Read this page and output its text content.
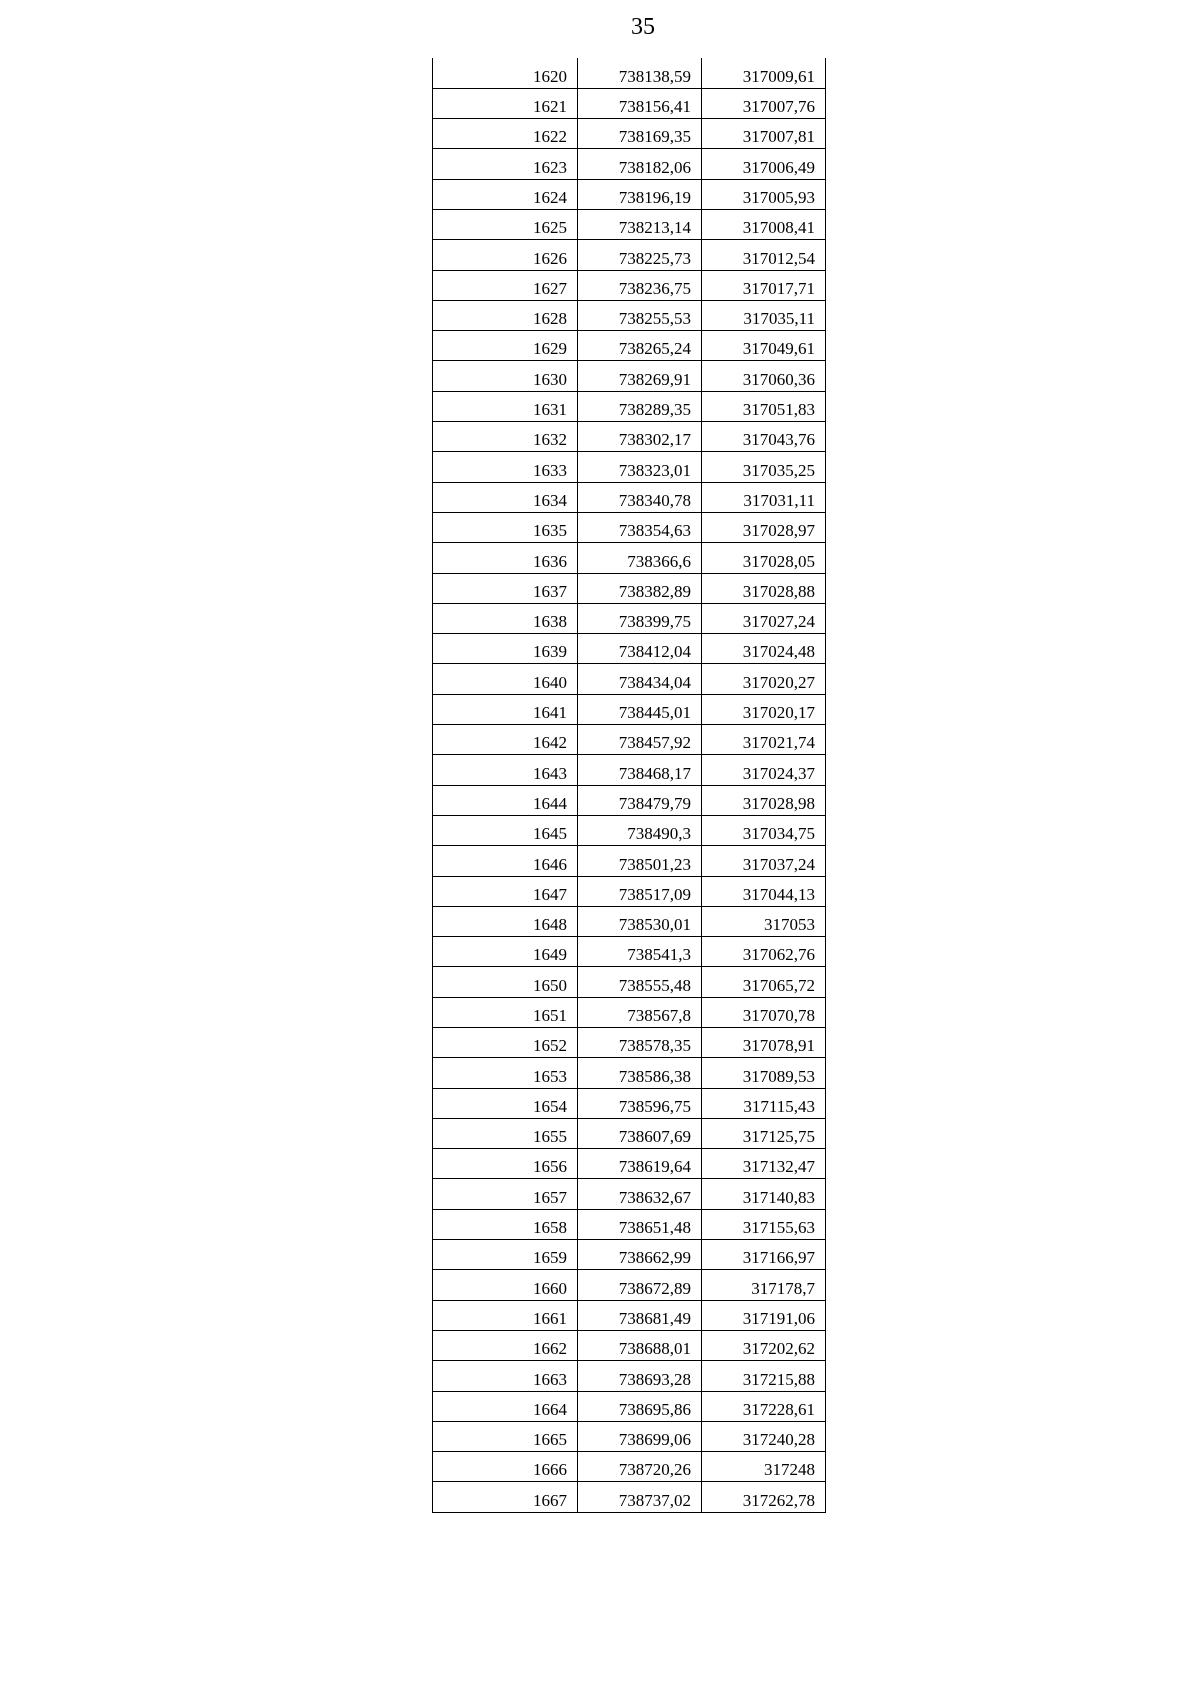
35
1620	738138,59	317009,61
1621	738156,41	317007,76
1622	738169,35	317007,81
1623	738182,06	317006,49
1624	738196,19	317005,93
1625	738213,14	317008,41
1626	738225,73	317012,54
1627	738236,75	317017,71
1628	738255,53	317035,11
1629	738265,24	317049,61
1630	738269,91	317060,36
1631	738289,35	317051,83
1632	738302,17	317043,76
1633	738323,01	317035,25
1634	738340,78	317031,11
1635	738354,63	317028,97
1636	738366,6	317028,05
1637	738382,89	317028,88
1638	738399,75	317027,24
1639	738412,04	317024,48
1640	738434,04	317020,27
1641	738445,01	317020,17
1642	738457,92	317021,74
1643	738468,17	317024,37
1644	738479,79	317028,98
1645	738490,3	317034,75
1646	738501,23	317037,24
1647	738517,09	317044,13
1648	738530,01	317053
1649	738541,3	317062,76
1650	738555,48	317065,72
1651	738567,8	317070,78
1652	738578,35	317078,91
1653	738586,38	317089,53
1654	738596,75	317115,43
1655	738607,69	317125,75
1656	738619,64	317132,47
1657	738632,67	317140,83
1658	738651,48	317155,63
1659	738662,99	317166,97
1660	738672,89	317178,7
1661	738681,49	317191,06
1662	738688,01	317202,62
1663	738693,28	317215,88
1664	738695,86	317228,61
1665	738699,06	317240,28
1666	738720,26	317248
1667	738737,02	317262,78
